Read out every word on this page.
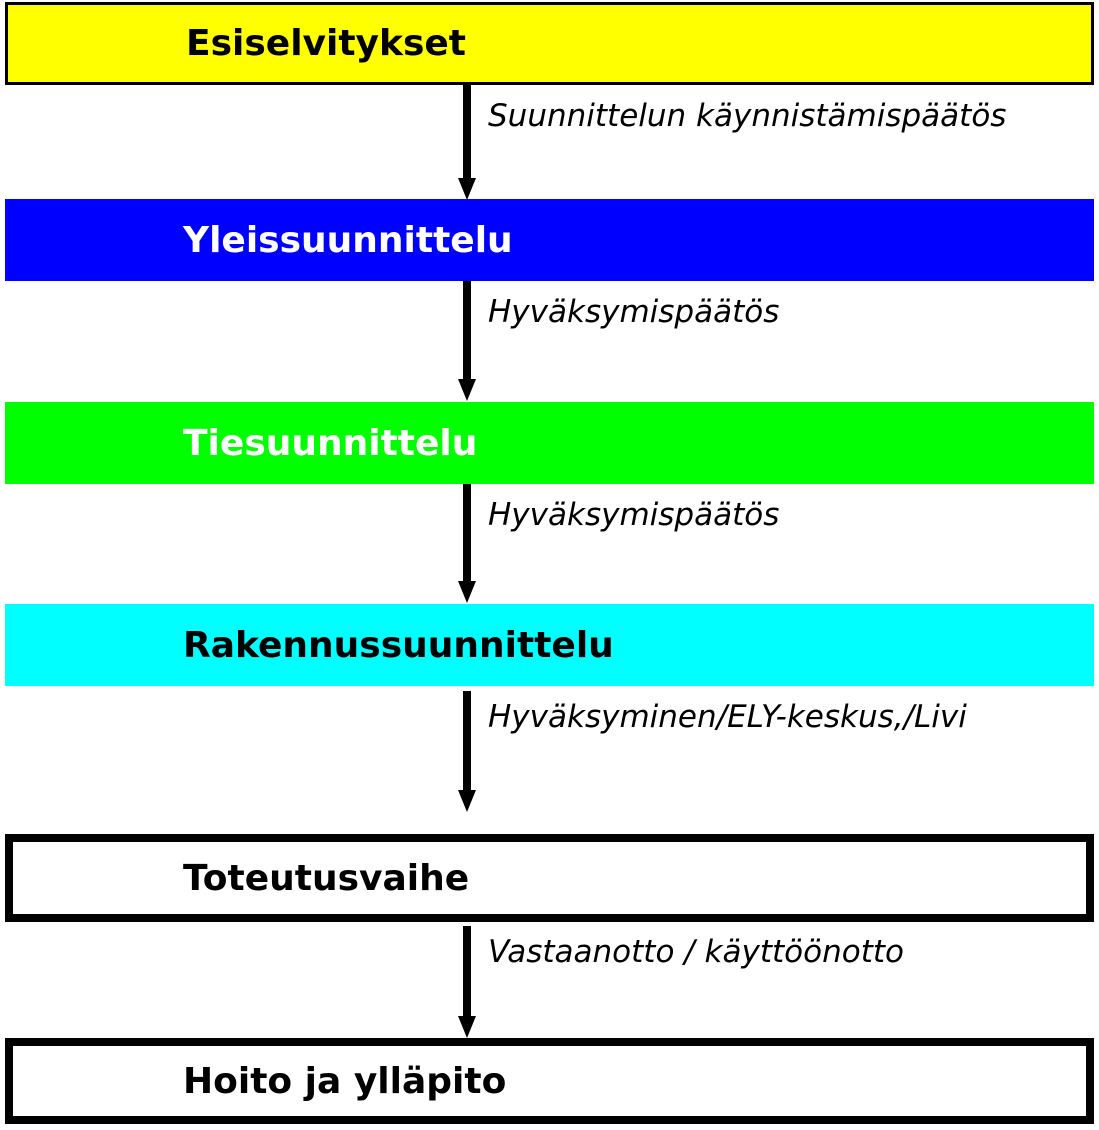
Esiselvitykset
Yleissuunnittelu
Tiesuunnittelu
Rakennussuunnittelu
Toteutusvaihe
Hoito ja ylläpito
Suunnittelun käynnistämispäätös
Hyväksymispäätös
Hyväksymispäätös
Hyväksyminen/ELY-keskus,/Livi
Vastaanotto / käyttöönotto
